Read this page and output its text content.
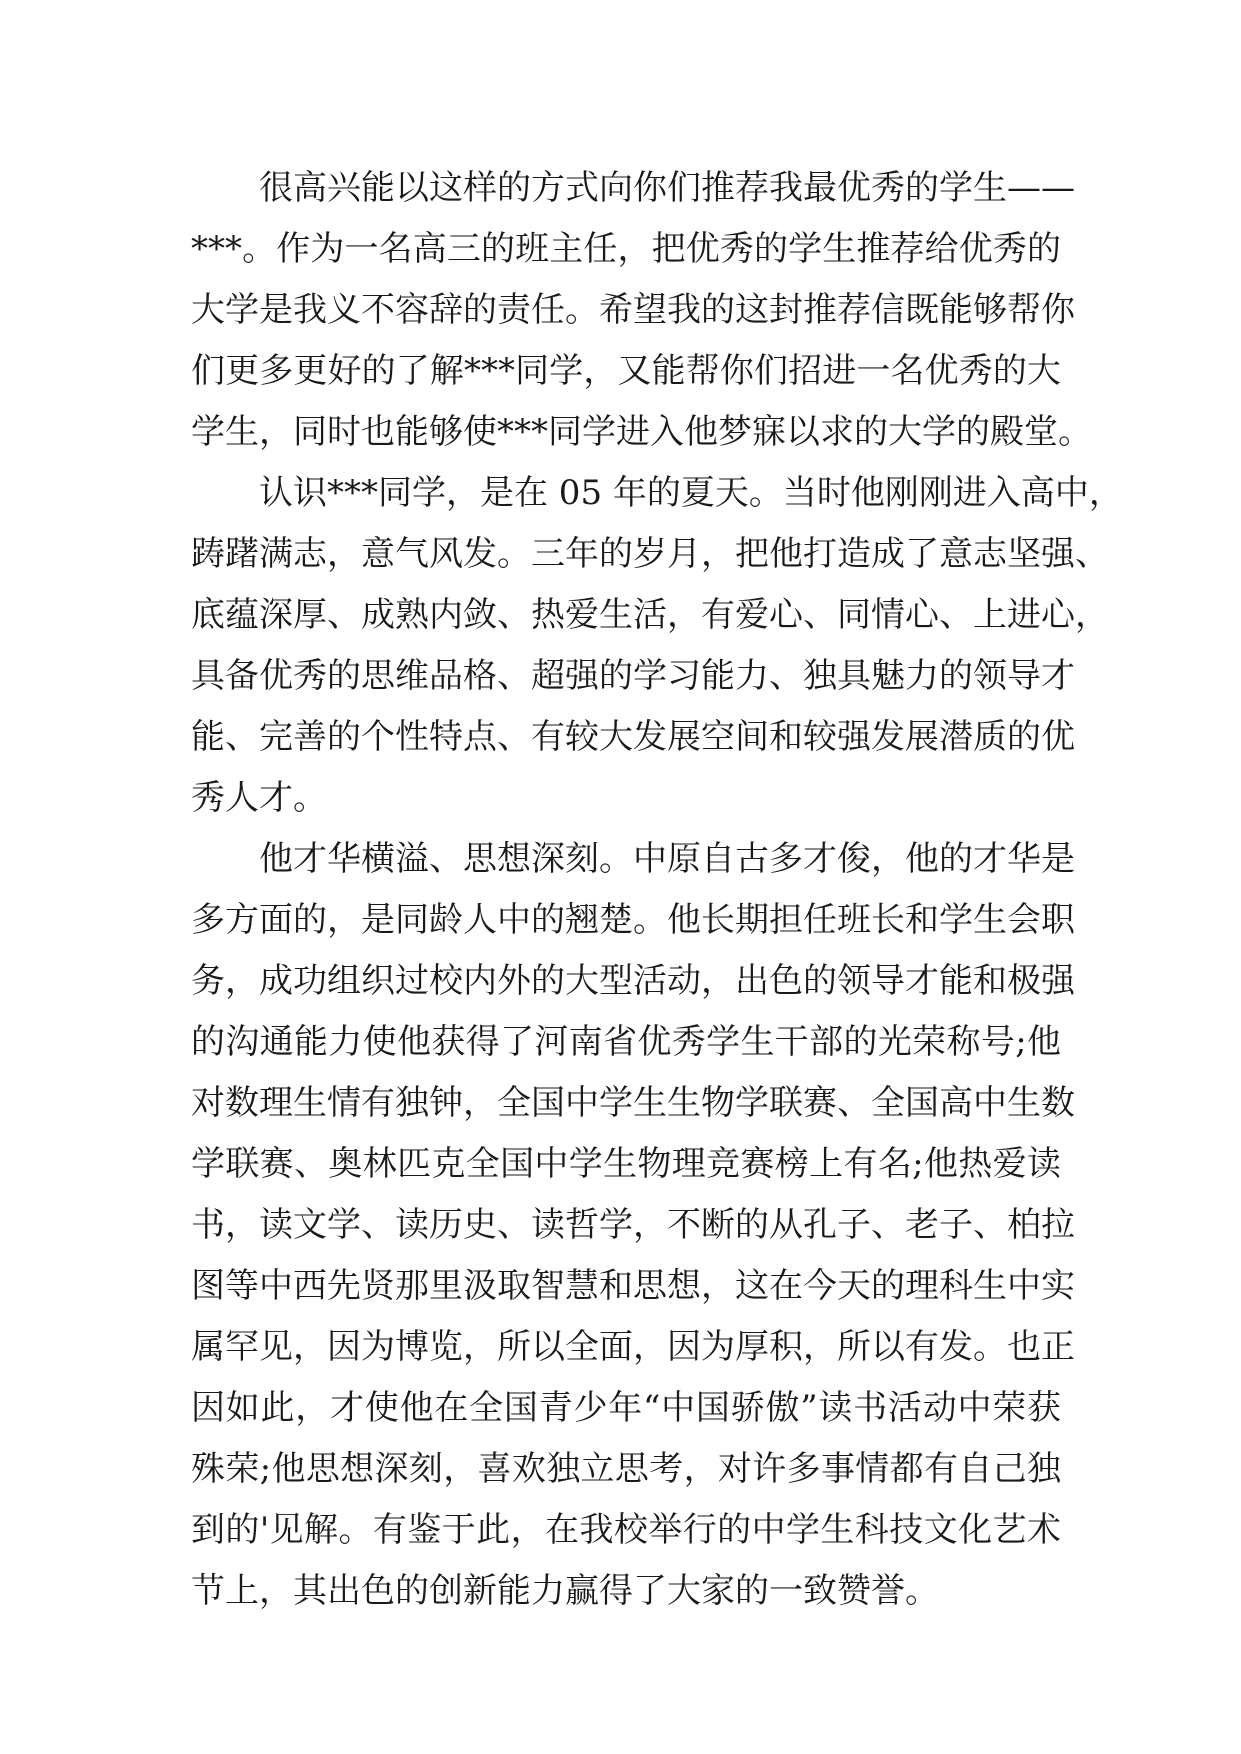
很高兴能以这样的方式向你们推荐我最优秀的学生——
***。作为一名高三的班主任，把优秀的学生推荐给优秀的
大学是我义不容辞的责任。希望我的这封推荐信既能够帮你
们更多更好的了解***同学，又能帮你们招进一名优秀的大
学生，同时也能够使***同学进入他梦寐以求的大学的殿堂。
认识***同学，是在 05 年的夏天。当时他刚刚进入高中，
踌躇满志，意气风发。三年的岁月，把他打造成了意志坚强、
底蕴深厚、成熟内敛、热爱生活，有爱心、同情心、上进心，
具备优秀的思维品格、超强的学习能力、独具魅力的领导才
能、完善的个性特点、有较大发展空间和较强发展潜质的优
秀人才。
他才华横溢、思想深刻。中原自古多才俊，他的才华是
多方面的，是同龄人中的翘楚。他长期担任班长和学生会职
务，成功组织过校内外的大型活动，出色的领导才能和极强
的沟通能力使他获得了河南省优秀学生干部的光荣称号;他
对数理生情有独钟，全国中学生生物学联赛、全国高中生数
学联赛、奥林匹克全国中学生物理竞赛榜上有名;他热爱读
书，读文学、读历史、读哲学，不断的从孔子、老子、柏拉
图等中西先贤那里汲取智慧和思想，这在今天的理科生中实
属罕见，因为博览，所以全面，因为厚积，所以有发。也正
因如此，才使他在全国青少年“中国骄傲”读书活动中荣获
殊荣;他思想深刻，喜欢独立思考，对许多事情都有自己独
到的'见解。有鉴于此，在我校举行的中学生科技文化艺术
节上，其出色的创新能力赢得了大家的一致赞誉。
